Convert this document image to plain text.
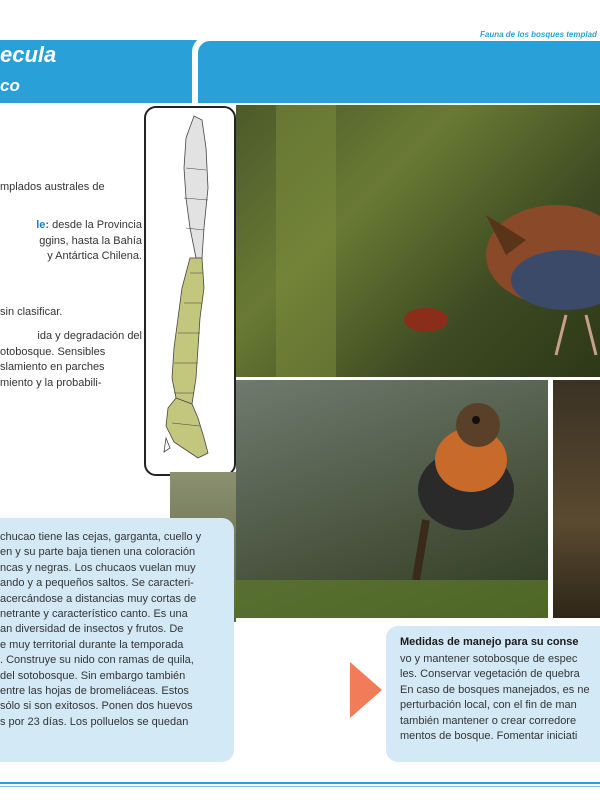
Fauna de los bosques templad
ecula
co
mplados australes de
le: desde la Provincia
ggins, hasta la Bahía
y Antártica Chilena.
sin clasificar.
ida y degradación del
otobosque. Sensibles
slamiento en parches
miento y la probabili-
chucao tiene las cejas, garganta, cuello y
en y su parte baja tienen una coloración
ncas y negras. Los chucaos vuelan muy
ando y a pequeños saltos. Se caracteri-
acercándose a distancias muy cortas de
netrante y característico canto. Es una
an diversidad de insectos y frutos. De
e muy territorial durante la temporada
. Construye su nido con ramas de quila,
del sotobosque. Sin embargo también
entre las hojas de bromeliáceas. Estos
sólo si son exitosos. Ponen dos huevos
s por 23 días. Los polluelos se quedan
Medidas de manejo para su conse
vo y mantener sotobosque de espec
les. Conservar vegetación de quebra
En caso de bosques manejados, es ne
perturbación local, con el fin de man
también mantener o crear corredore
mentos de bosque. Fomentar iniciati
